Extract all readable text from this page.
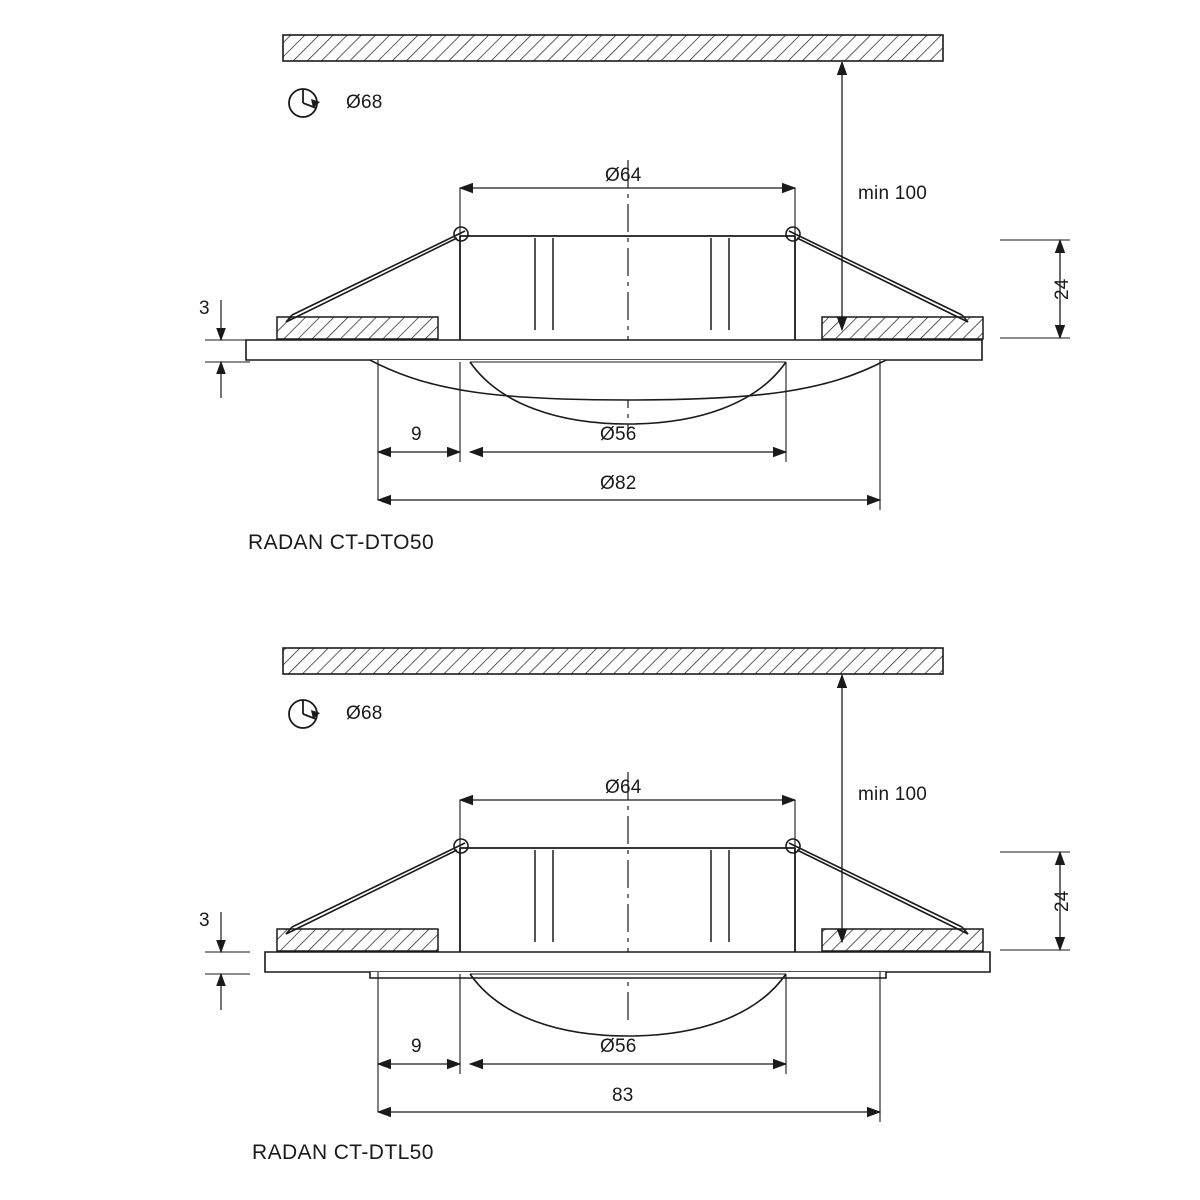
Ø68
Ø64
min 100
24
3
9	Ø56
Ø82
RADAN CT-DTO50
Ø68
Ø64	min 100
24
3
9	Ø56
83
RADAN CT-DTL50
